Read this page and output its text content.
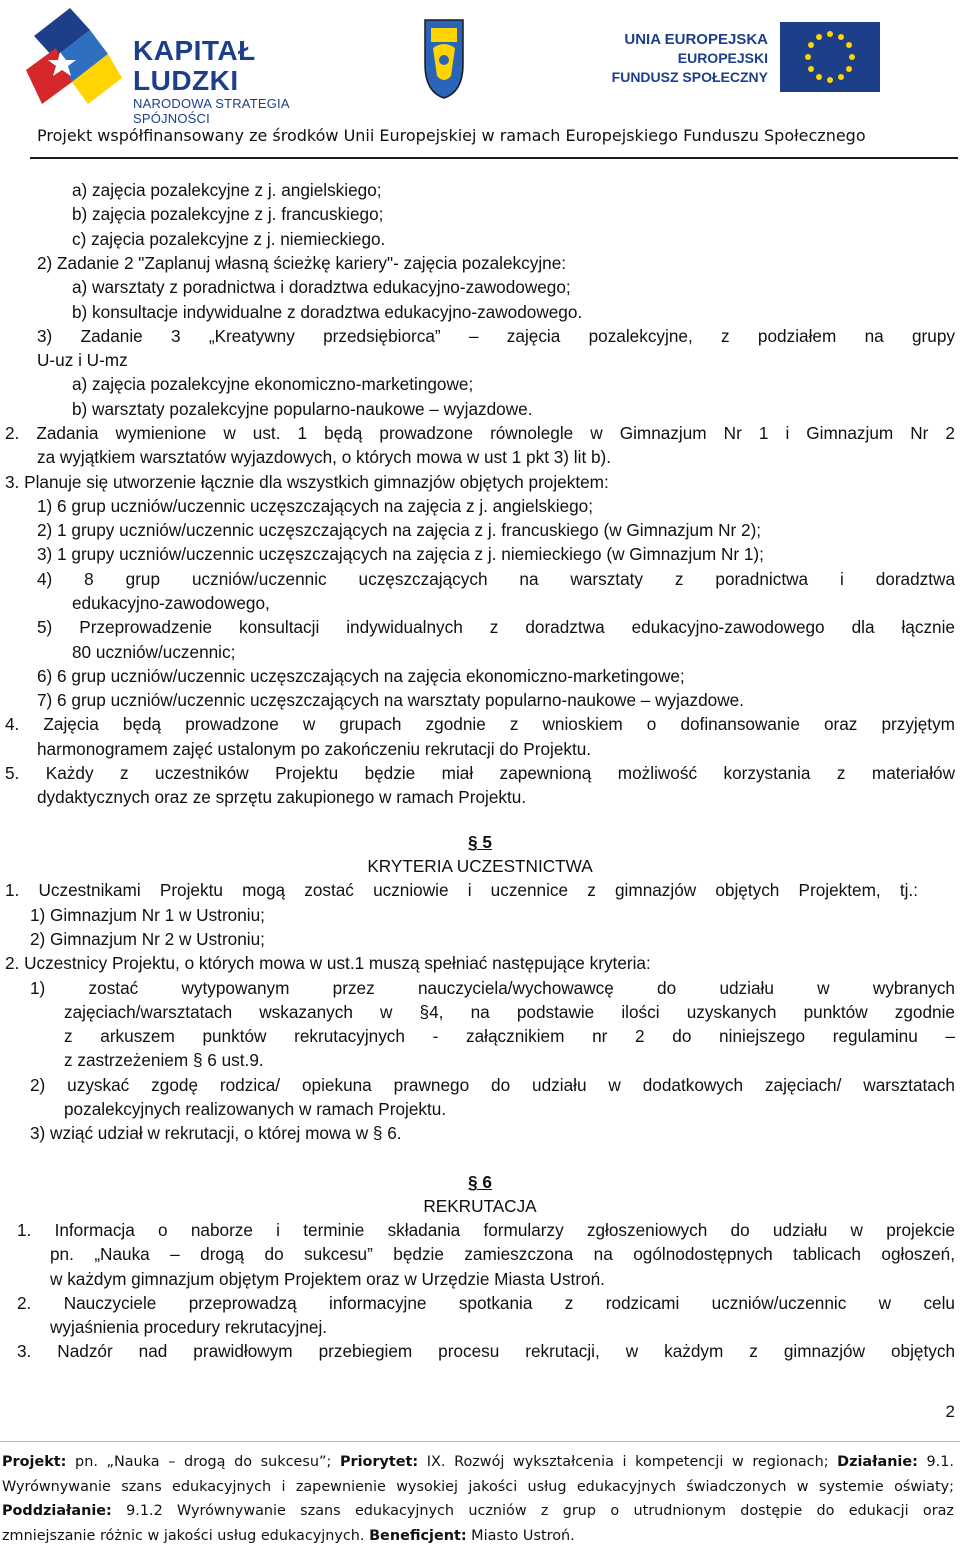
KAPITAŁ LUDZKI
NARODOWA STRATEGIA SPÓJNOŚCI
UNIA EUROPEJSKA
EUROPEJSKI
FUNDUSZ SPOŁECZNY
Projekt współfinansowany ze środków Unii Europejskiej w ramach Europejskiego Funduszu Społecznego
a) zajęcia pozalekcyjne z j. angielskiego;
b) zajęcia pozalekcyjne z j. francuskiego;
c) zajęcia pozalekcyjne z j. niemieckiego.
2) Zadanie 2 "Zaplanuj własną ścieżkę kariery"- zajęcia pozalekcyjne:
a) warsztaty z poradnictwa i doradztwa edukacyjno-zawodowego;
b) konsultacje indywidualne z doradztwa edukacyjno-zawodowego.
3) Zadanie 3 „Kreatywny przedsiębiorca” – zajęcia pozalekcyjne, z podziałem na grupy
U-uz i U-mz
a) zajęcia pozalekcyjne ekonomiczno-marketingowe;
b) warsztaty pozalekcyjne popularno-naukowe – wyjazdowe.
2. Zadania wymienione w ust. 1 będą prowadzone równolegle w Gimnazjum Nr 1 i Gimnazjum Nr 2
za wyjątkiem warsztatów wyjazdowych, o których mowa w ust 1 pkt 3) lit b).
3. Planuje się utworzenie łącznie dla wszystkich gimnazjów objętych projektem:
1) 6 grup uczniów/uczennic uczęszczających na zajęcia z j. angielskiego;
2) 1 grupy uczniów/uczennic uczęszczających na zajęcia z j. francuskiego (w Gimnazjum Nr 2);
3) 1 grupy uczniów/uczennic uczęszczających na zajęcia z j. niemieckiego (w Gimnazjum Nr 1);
4) 8 grup uczniów/uczennic uczęszczających na warsztaty z poradnictwa i doradztwa
edukacyjno-zawodowego,
5) Przeprowadzenie konsultacji indywidualnych z doradztwa edukacyjno-zawodowego dla łącznie
80 uczniów/uczennic;
6) 6 grup uczniów/uczennic uczęszczających na zajęcia ekonomiczno-marketingowe;
7) 6 grup uczniów/uczennic uczęszczających na warsztaty popularno-naukowe – wyjazdowe.
4. Zajęcia będą prowadzone w grupach zgodnie z wnioskiem o dofinansowanie oraz przyjętym
harmonogramem zajęć ustalonym po zakończeniu rekrutacji do Projektu.
5. Każdy z uczestników Projektu będzie miał zapewnioną możliwość korzystania z materiałów
dydaktycznych oraz ze sprzętu zakupionego w ramach Projektu.
§ 5
KRYTERIA UCZESTNICTWA
1. Uczestnikami Projektu mogą zostać uczniowie i uczennice z gimnazjów objętych Projektem, tj.:
1) Gimnazjum Nr 1 w Ustroniu;
2) Gimnazjum Nr 2 w Ustroniu;
2. Uczestnicy Projektu, o których mowa w ust.1 muszą spełniać następujące kryteria:
1) zostać wytypowanym przez nauczyciela/wychowawcę do udziału w wybranych
zajęciach/warsztatach wskazanych w §4, na podstawie ilości uzyskanych punktów zgodnie
z arkuszem punktów rekrutacyjnych - załącznikiem nr 2 do niniejszego regulaminu –
z zastrzeżeniem § 6 ust.9.
2) uzyskać zgodę rodzica/ opiekuna prawnego do udziału w dodatkowych zajęciach/ warsztatach
pozalekcyjnych realizowanych w ramach Projektu.
3) wziąć udział w rekrutacji, o której mowa w § 6.
§ 6
REKRUTACJA
1. Informacja o naborze i terminie składania formularzy zgłoszeniowych do udziału w projekcie
pn. „Nauka – drogą do sukcesu” będzie zamieszczona na ogólnodostępnych tablicach ogłoszeń,
w każdym gimnazjum objętym Projektem oraz w Urzędzie Miasta Ustroń.
2. Nauczyciele przeprowadzą informacyjne spotkania z rodzicami uczniów/uczennic w celu
wyjaśnienia procedury rekrutacyjnej.
3. Nadzór nad prawidłowym przebiegiem procesu rekrutacji, w każdym z gimnazjów objętych
2
Projekt: pn. „Nauka – drogą do sukcesu”; Priorytet: IX. Rozwój wykształcenia i kompetencji w regionach; Działanie: 9.1.
Wyrównywanie szans edukacyjnych i zapewnienie wysokiej jakości usług edukacyjnych świadczonych w systemie oświaty;
Poddziałanie: 9.1.2 Wyrównywanie szans edukacyjnych uczniów z grup o utrudnionym dostępie do edukacji oraz
zmniejszanie różnic w jakości usług edukacyjnych. Beneficjent: Miasto Ustroń.
